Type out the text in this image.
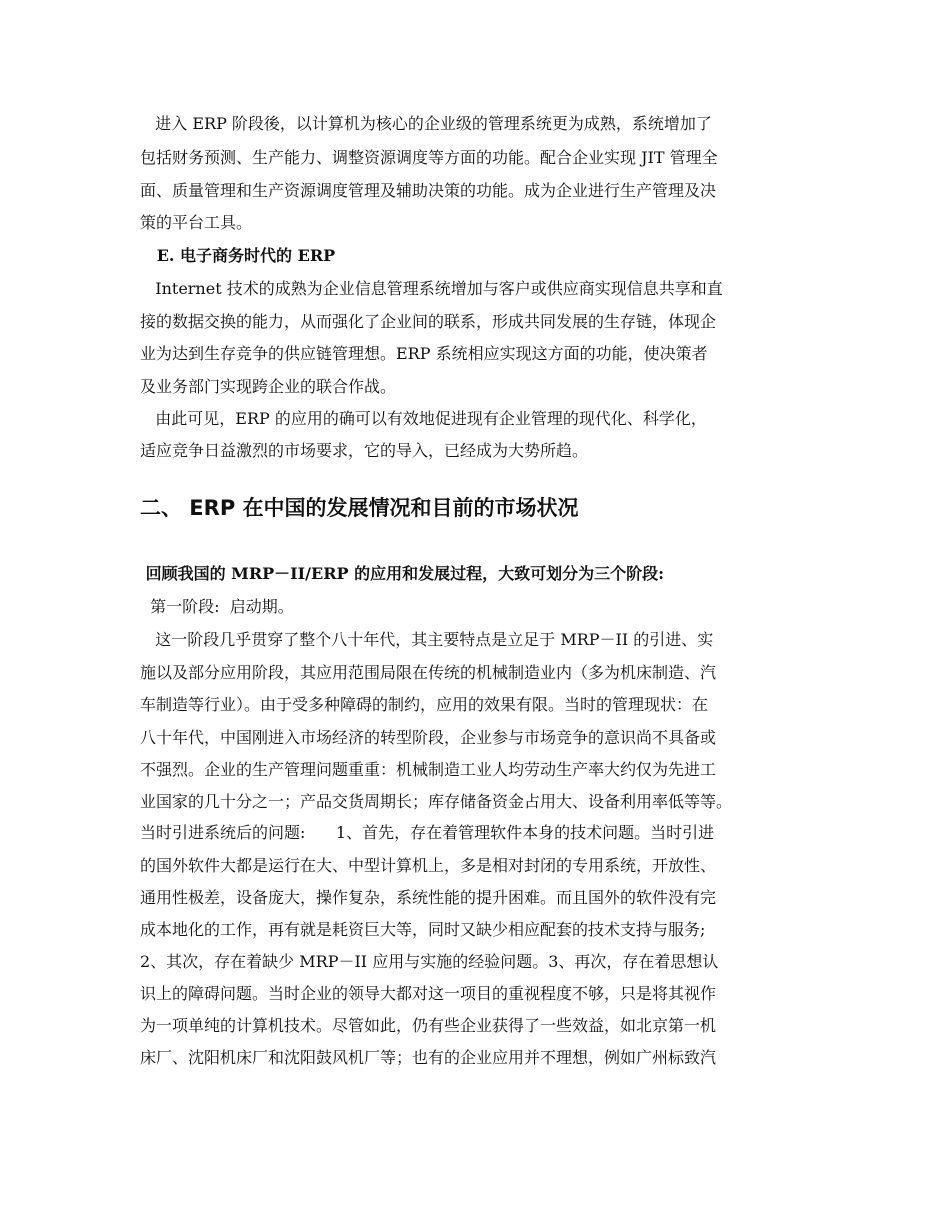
进入 ERP 阶段後，以计算机为核心的企业级的管理系统更为成熟，系统增加了
包括财务预测、生产能力、调整资源调度等方面的功能。配合企业实现 JIT 管理全
面、质量管理和生产资源调度管理及辅助决策的功能。成为企业进行生产管理及决
策的平台工具。
E. 电子商务时代的 ERP
Internet 技术的成熟为企业信息管理系统增加与客户或供应商实现信息共享和直
接的数据交换的能力，从而强化了企业间的联系，形成共同发展的生存链，体现企
业为达到生存竞争的供应链管理想。ERP 系统相应实现这方面的功能，使决策者
及业务部门实现跨企业的联合作战。
由此可见，ERP 的应用的确可以有效地促进现有企业管理的现代化、科学化，
适应竞争日益激烈的市场要求，它的导入，已经成为大势所趋。
二、 ERP 在中国的发展情况和目前的市场状况
回顾我国的 MRP－II/ERP 的应用和发展过程，大致可划分为三个阶段:
第一阶段:  启动期。
这一阶段几乎贯穿了整个八十年代，其主要特点是立足于 MRP－II 的引进、实
施以及部分应用阶段，其应用范围局限在传统的机械制造业内（多为机床制造、汽
车制造等行业）。由于受多种障碍的制约，应用的效果有限。当时的管理现状：在
八十年代，中国刚进入市场经济的转型阶段，企业参与市场竞争的意识尚不具备或
不强烈。企业的生产管理问题重重：机械制造工业人均劳动生产率大约仅为先进工
业国家的几十分之一；产品交货周期长；库存储备资金占用大、设备利用率低等等。
当时引进系统后的问题:      1、首先，存在着管理软件本身的技术问题。当时引进
的国外软件大都是运行在大、中型计算机上，多是相对封闭的专用系统，开放性、
通用性极差，设备庞大，操作复杂，系统性能的提升困难。而且国外的软件没有完
成本地化的工作，再有就是耗资巨大等，同时又缺少相应配套的技术支持与服务;
2、其次，存在着缺少 MRP－II 应用与实施的经验问题。3、再次，存在着思想认
识上的障碍问题。当时企业的领导大都对这一项目的重视程度不够，只是将其视作
为一项单纯的计算机技术。尽管如此，仍有些企业获得了一些效益，如北京第一机
床厂、沈阳机床厂和沈阳鼓风机厂等；也有的企业应用并不理想，例如广州标致汽
